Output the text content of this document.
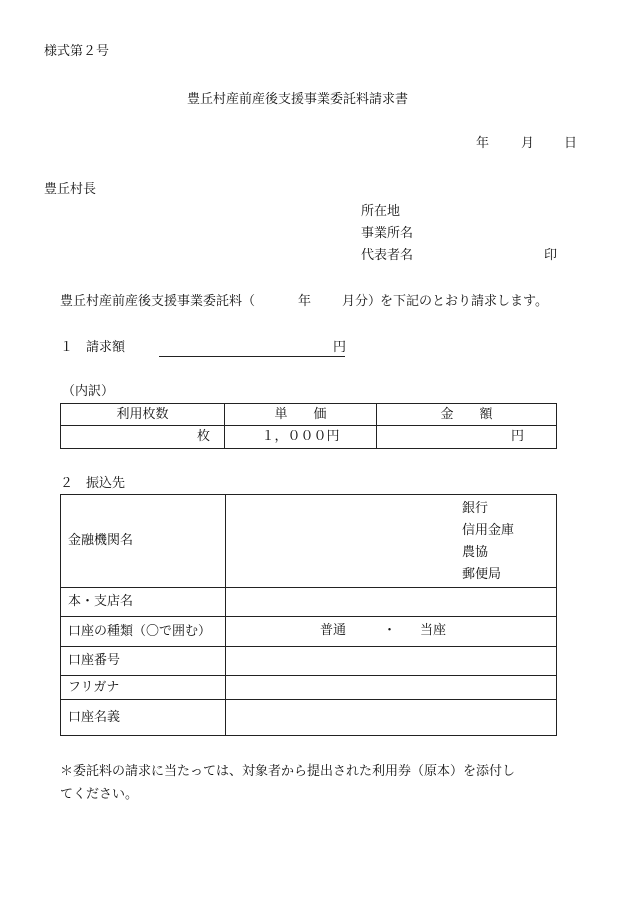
様式第２号
豊丘村産前産後支援事業委託料請求書
年 月 日
豊丘村長
所在地
事業所名
代表者名	印
豊丘村産前産後支援事業委託料（	年 月分）
を下記のとおり請求します。
１ 請求額	円
（内訳）
利用枚数	単　　価	金　　額
枚	１，０００円	円
２ 振込先
金融機関名	銀行
信用金庫
農協
郵便局

本・支店名	
口座の種類（〇で囲む）	普通 ・ 当座

口座番号	
フリガナ	
口座名義	
＊委託料の請求に当たっては、対象者から提出された利用券（原本）を添付し
てください。
